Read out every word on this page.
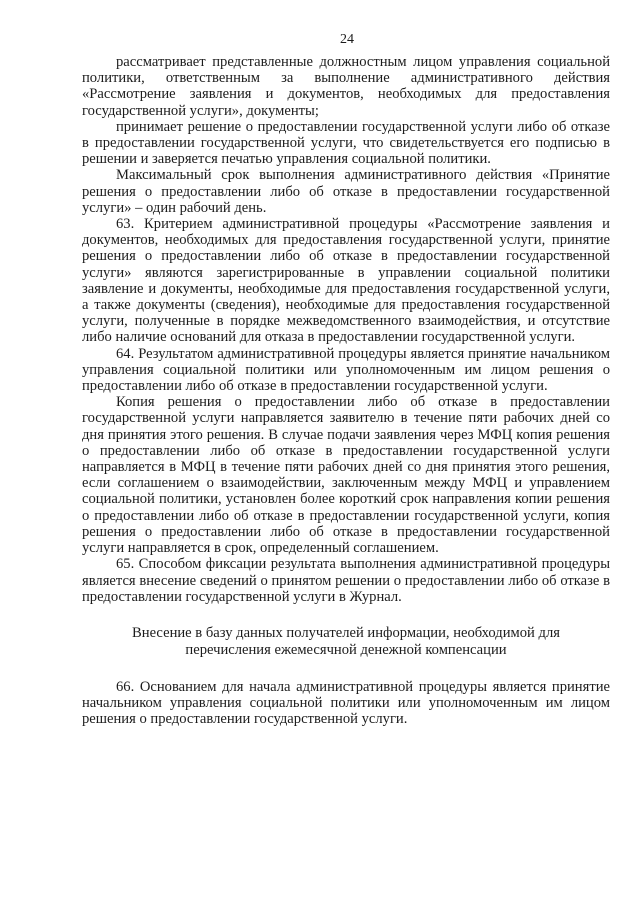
24

рассматривает представленные должностным лицом управления социальной политики, ответственным за выполнение административного действия «Рассмотрение заявления и документов, необходимых для предоставления государственной услуги», документы;

принимает решение о предоставлении государственной услуги либо об отказе в предоставлении государственной услуги, что свидетельствуется его подписью в решении и заверяется печатью управления социальной политики.

Максимальный срок выполнения административного действия «Принятие решения о предоставлении либо об отказе в предоставлении государственной услуги» – один рабочий день.

63. Критерием административной процедуры «Рассмотрение заявления и документов, необходимых для предоставления государственной услуги, принятие решения о предоставлении либо об отказе в предоставлении государственной услуги» являются зарегистрированные в управлении социальной политики заявление и документы, необходимые для предоставления государственной услуги, а также документы (сведения), необходимые для предоставления государственной услуги, полученные в порядке межведомственного взаимодействия, и отсутствие либо наличие оснований для отказа в предоставлении государственной услуги.

64. Результатом административной процедуры является принятие начальником управления социальной политики или уполномоченным им лицом решения о предоставлении либо об отказе в предоставлении государственной услуги.

Копия решения о предоставлении либо об отказе в предоставлении государственной услуги направляется заявителю в течение пяти рабочих дней со дня принятия этого решения. В случае подачи заявления через МФЦ копия решения о предоставлении либо об отказе в предоставлении государственной услуги направляется в МФЦ в течение пяти рабочих дней со дня принятия этого решения, если соглашением о взаимодействии, заключенным между МФЦ и управлением социальной политики, установлен более короткий срок направления копии решения о предоставлении либо об отказе в предоставлении государственной услуги, копия решения о предоставлении либо об отказе в предоставлении государственной услуги направляется в срок, определенный соглашением.

65. Способом фиксации результата выполнения административной процедуры является внесение сведений о принятом решении о предоставлении либо об отказе в предоставлении государственной услуги в Журнал.

Внесение в базу данных получателей информации, необходимой для перечисления ежемесячной денежной компенсации

66. Основанием для начала административной процедуры является принятие начальником управления социальной политики или уполномоченным им лицом решения о предоставлении государственной услуги.
